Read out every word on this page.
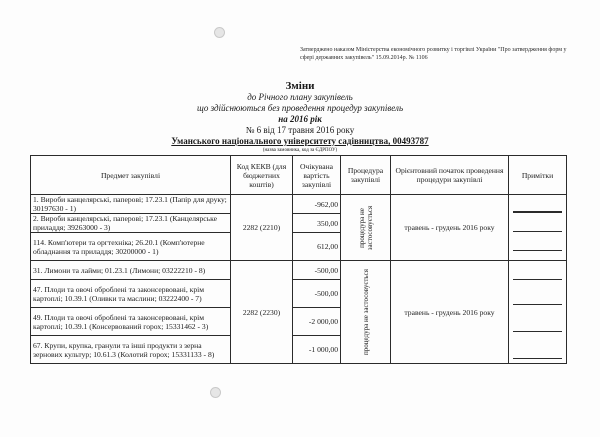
Затверджено наказом Міністерства економічного розвитку і торгівлі України "Про затвердження форм у
сфері державних закупівель" 15.09.2014р. № 1106
Зміни
до Річного плану закупівель
що здійснюються без проведення процедур закупівель
на 2016 рік
№ 6 від 17 травня 2016 року
Уманського національного університету садівництва, 00493787
(назва замовника, код за ЄДРПОУ)
Предмет закупівлі	Код КЕКВ (для бюджетних коштів)	Очікувана вартість закупівлі	Процедура закупівлі	Орієнтовний початок проведення процедури закупівлі	Примітки
1. Вироби канцелярські, паперові; 17.23.1 (Папір для друку; 30197630 - 1)	2282 (2210)	-962,00	процедура не застосовується	травень - грудень 2016 року	

2. Вироби канцелярські, паперові; 17.23.1 (Канцелярське приладдя; 39263000 - 3)		350,00			
114. Комп'ютери та оргтехніка; 26.20.1 (Комп'ютерне обладнання та приладдя; 30200000 - 1)		612,00			
31. Лимони та лайми; 01.23.1 (Лимони; 03222210 - 8)	2282 (2230)	-500,00	процедура не застосовується	травень - грудень 2016 року	

47. Плоди та овочі оброблені та законсервовані, крім картоплі; 10.39.1 (Оливки та маслини; 03222400 - 7)		-500,00			
49. Плоди та овочі оброблені та законсервовані, крім картоплі; 10.39.1 (Консервований горох; 15331462 - 3)		-2 000,00			
67. Крупи, крупка, гранули та інші продукти з зерна зернових культур; 10.61.3 (Колотий горох; 15331133 - 8)		-1 000,00			
